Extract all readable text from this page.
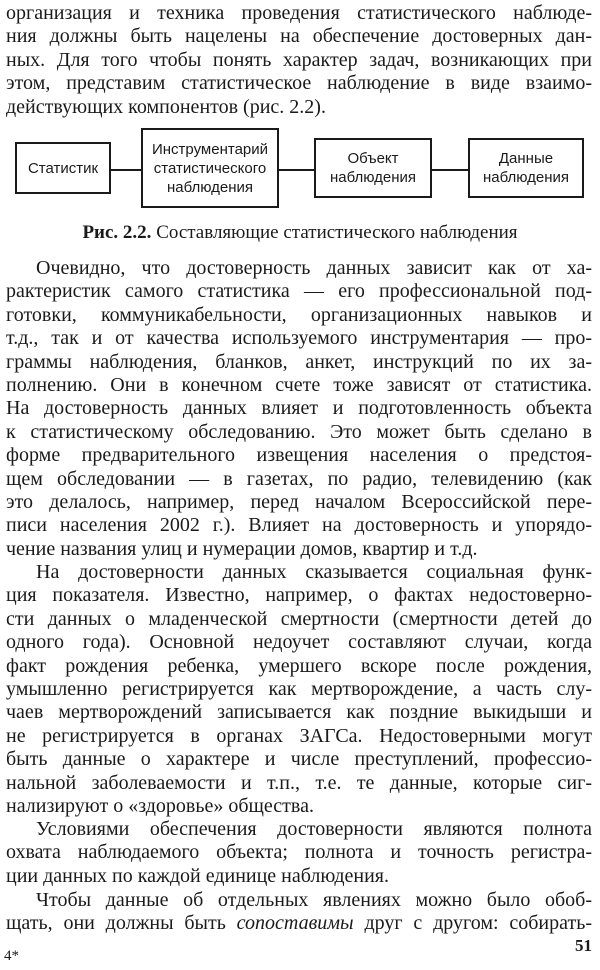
организация и техника проведения статистического наблюде-
ния должны быть нацелены на обеспечение достоверных дан-
ных. Для того чтобы понять характер задач, возникающих при
этом, представим статистическое наблюдение в виде взаимо-
действующих компонентов (рис. 2.2).
Статистик
Инструментарий
статистического
наблюдения
Объект
наблюдения
Данные
наблюдения
Рис. 2.2. Составляющие статистического наблюдения
Очевидно, что достоверность данных зависит как от ха-
рактеристик самого статистика — его профессиональной под-
готовки, коммуникабельности, организационных навыков и
т.д., так и от качества используемого инструментария — про-
граммы наблюдения, бланков, анкет, инструкций по их за-
полнению. Они в конечном счете тоже зависят от статистика.
На достоверность данных влияет и подготовленность объекта
к статистическому обследованию. Это может быть сделано в
форме предварительного извещения населения о предстоя-
щем обследовании — в газетах, по радио, телевидению (как
это делалось, например, перед началом Всероссийской пере-
писи населения 2002 г.). Влияет на достоверность и упорядо-
чение названия улиц и нумерации домов, квартир и т.д.
На достоверности данных сказывается социальная функ-
ция показателя. Известно, например, о фактах недостоверно-
сти данных о младенческой смертности (смертности детей до
одного года). Основной недоучет составляют случаи, когда
факт рождения ребенка, умершего вскоре после рождения,
умышленно регистрируется как мертворождение, а часть слу-
чаев мертворождений записывается как поздние выкидыши и
не регистрируется в органах ЗАГСа. Недостоверными могут
быть данные о характере и числе преступлений, профессио-
нальной заболеваемости и т.п., т.е. те данные, которые сиг-
нализируют о «здоровье» общества.
Условиями обеспечения достоверности являются полнота
охвата наблюдаемого объекта; полнота и точность регистра-
ции данных по каждой единице наблюдения.
Чтобы данные об отдельных явлениях можно было обоб-
щать, они должны быть сопоставимы друг с другом: собирать-
51
4*
